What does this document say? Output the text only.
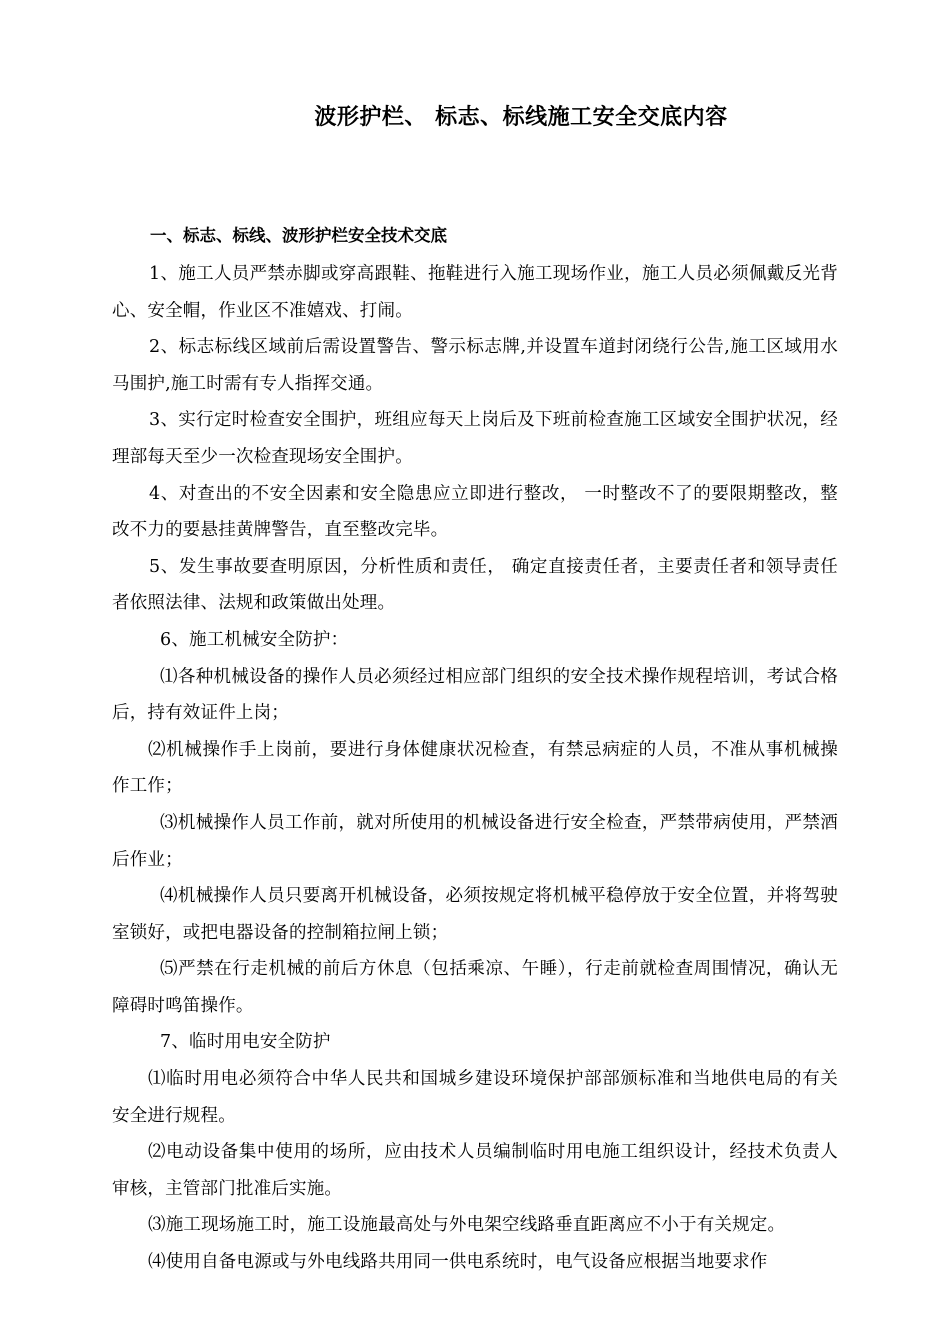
波形护栏、 标志、标线施工安全交底内容
一、标志、标线、波形护栏安全技术交底

1、施工人员严禁赤脚或穿高跟鞋、拖鞋进行入施工现场作业，施工人员必须佩戴反光背心、安全帽，作业区不准嬉戏、打闹。

2、标志标线区域前后需设置警告、警示标志牌,并设置车道封闭绕行公告,施工区域用水马围护,施工时需有专人指挥交通。

3、实行定时检查安全围护，班组应每天上岗后及下班前检查施工区域安全围护状况，经理部每天至少一次检查现场安全围护。

4、对查出的不安全因素和安全隐患应立即进行整改， 一时整改不了的要限期整改，整改不力的要悬挂黄牌警告，直至整改完毕。

5、发生事故要查明原因，分析性质和责任， 确定直接责任者，主要责任者和领导责任者依照法律、法规和政策做出处理。

6、施工机械安全防护：

⑴各种机械设备的操作人员必须经过相应部门组织的安全技术操作规程培训，考试合格后，持有效证件上岗；

⑵机械操作手上岗前，要进行身体健康状况检查，有禁忌病症的人员，不准从事机械操作工作；

⑶机械操作人员工作前，就对所使用的机械设备进行安全检查，严禁带病使用，严禁酒后作业；

⑷机械操作人员只要离开机械设备，必须按规定将机械平稳停放于安全位置，并将驾驶室锁好，或把电器设备的控制箱拉闸上锁；

⑸严禁在行走机械的前后方休息（包括乘凉、午睡），行走前就检查周围情况，确认无障碍时鸣笛操作。

7、临时用电安全防护

⑴临时用电必须符合中华人民共和国城乡建设环境保护部部颁标准和当地供电局的有关安全进行规程。

⑵电动设备集中使用的场所，应由技术人员编制临时用电施工组织设计，经技术负责人审核，主管部门批准后实施。

⑶施工现场施工时，施工设施最高处与外电架空线路垂直距离应不小于有关规定。

⑷使用自备电源或与外电线路共用同一供电系统时，电气设备应根据当地要求作
